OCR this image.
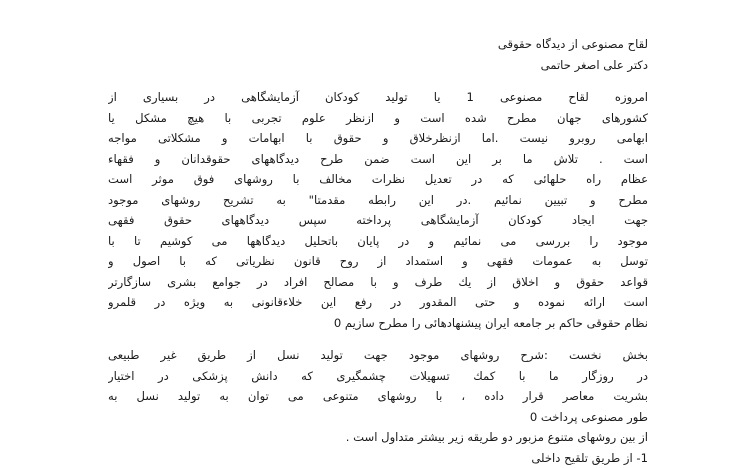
لقاح مصنوعی از دیدگاه حقوقی
دکتر علی اصغر حاتمی
امروزه لقاح مصنوعی 1 یا تولید کودکان آزمایشگاهی در بسیاری از
کشورهای جهان مطرح شده است و ازنظر علوم تجربی با هیچ مشکل یا
ابهامی روبرو نیست .اما ازنظرخلاق و حقوق با ابهامات و مشکلاتی مواجه
است . تلاش ما بر این است ضمن طرح دیدگاههای حقوقدانان و فقهاء
عظام راه حلهائی که در تعدیل نظرات مخالف با روشهای فوق موثر است
مطرح و تبیین نمائیم .در این رابطه مقدمتا" به تشریح روشهای موجود
جهت ایجاد کودکان آزمایشگاهی پرداخته سپس دیدگاههای حقوق فقهی
موجود را بررسی می نمائیم و در پایان باتحلیل دیدگاهها می کوشیم تا با
توسل به عمومات فقهی و استمداد از روح قانون نظریاتی که با اصول و
قواعد حقوق و اخلاق از یك طرف و با مصالح افراد در جوامع بشری سازگارتر
است ارائه نموده و حتی المقدور در رفع این خلاءقانونی به ویژه در قلمرو
نظام حقوقی حاکم بر جامعه ایران پیشنهادهائی را مطرح سازیم 0
بخش نخست :شرح روشهای موجود جهت تولید نسل از طریق غیر طبیعی
در روزگار ما با کمك تسهیلات چشمگیری که دانش پزشکی در اختیار
بشریت معاصر قرار داده ، با روشهای متنوعی می توان به تولید نسل به
طور مصنوعی پرداخت 0
از بین روشهای متنوع مزبور دو طریقه زیر بیشتر متداول است .
1- از طریق تلقیح داخلی
